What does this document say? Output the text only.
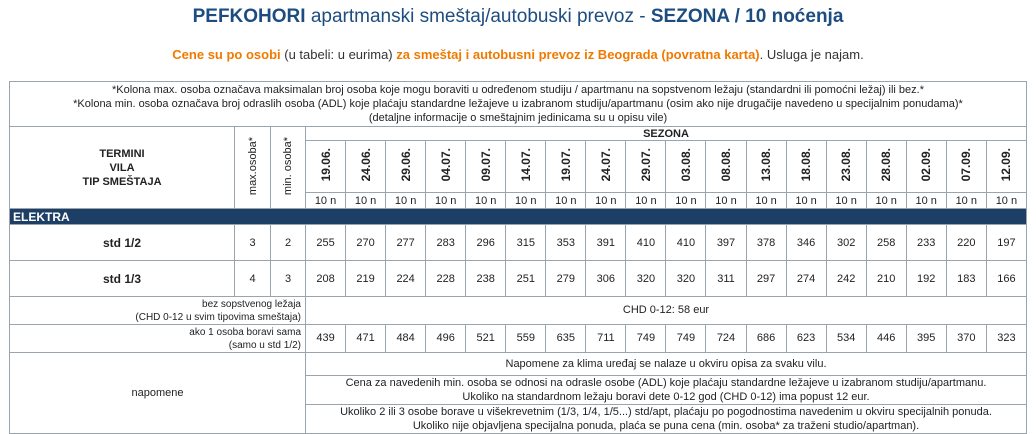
PEFKOHORI apartmanski smeštaj/autobuski prevoz - SEZONA / 10 noćenja
Cene su po osobi (u tabeli: u eurima) za smeštaj i autobusni prevoz iz Beograda (povratna karta). Usluga je najam.
*Kolona max. osoba označava maksimalan broj osoba koje mogu boraviti u određenom studiju / apartmanu na sopstvenom ležaju (standardni ili pomoćni ležaj) ili bez.*
*Kolona min. osoba označava broj odraslih osoba (ADL) koje plaćaju standardne ležajeve u izabranom studiju/apartmanu (osim ako nije drugačije navedeno u specijalnim ponudama)*
(detaljne informacije o smeštajnim jedinicama su u opisu vile)																				

TERMINI
VILA
TIP SMEŠTAJA	max.osoba*	min. osoba*	SEZONA																	
			19.06.	24.06.	29.06.	04.07.	09.07.	14.07.	19.07.	24.07.	29.07.	03.08.	08.08.	13.08.	18.08.	23.08.	28.08.	02.09.	07.09.	12.09.
			10 n	10 n	10 n	10 n	10 n	10 n	10 n	10 n	10 n	10 n	10 n	10 n	10 n	10 n	10 n	10 n	10 n	10 n
ELEKTRA																				
std 1/2	3	2	255	270	277	283	296	315	353	391	410	410	397	378	346	302	258	233	220	197
std 1/3	4	3	208	219	224	228	238	251	279	306	320	320	311	297	274	242	210	192	183	166

bez sopstvenog ležaja
(CHD 0-12 u svim tipovima smeštaja)			CHD 0-12: 58 eur																	

ako 1 osoba boravi sama
(samo u std 1/2)			439	471	484	496	521	559	635	711	749	749	724	686	623	534	446	395	370	323
napomene			Napomene za klima uređaj se nalaze u okviru opisa za svaku vilu.																	

			Cena za navedenih min. osoba se odnosi na odrasle osobe (ADL) koje plaćaju standardne ležajeve u izabranom studiju/apartmanu.
Ukoliko na standardnom ležaju boravi dete 0-12 god (CHD 0-12) ima popust 12 eur.																	

			Ukoliko 2 ili 3 osobe borave u višekrevetnim (1/3, 1/4, 1/5...) std/apt, plaćaju po pogodnostima navedenim u okviru specijalnih ponuda.
Ukoliko nije objavljena specijalna ponuda, plaća se puna cena (min. osoba* za traženi studio/apartman).																	
